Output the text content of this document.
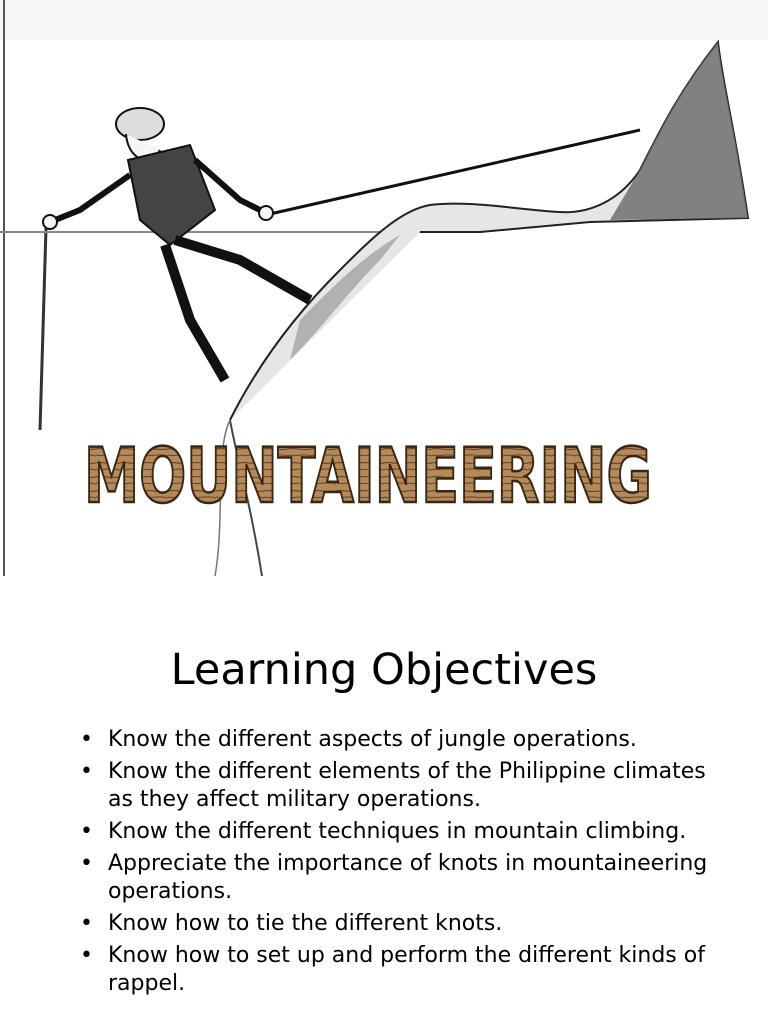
MOUNTAINEERING
Learning Objectives
• Know the different aspects of jungle operations.
• Know the different elements of the Philippine climates as they affect military operations.
• Know the different techniques in mountain climbing.
• Appreciate the importance of knots in mountaineering operations.
• Know how to tie the different knots.
• Know how to set up and perform the different kinds of rappel.
